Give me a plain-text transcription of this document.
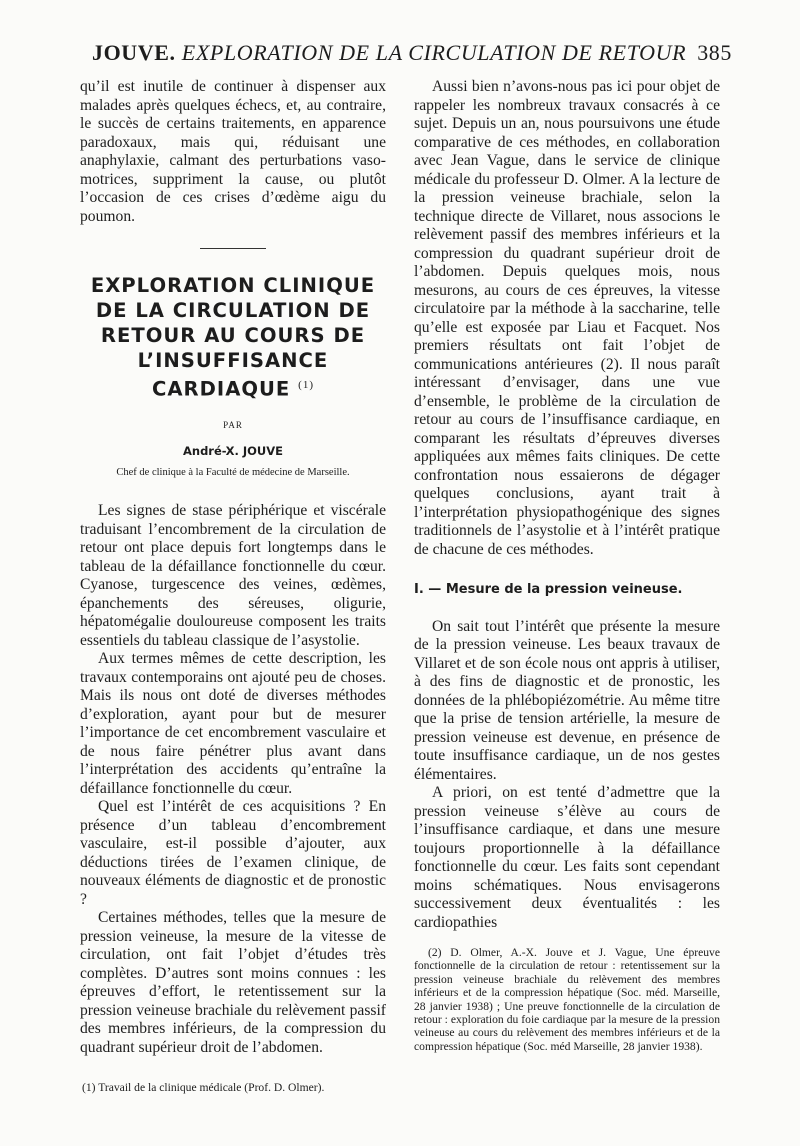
JOUVE. EXPLORATION DE LA CIRCULATION DE RETOUR 385

qu’il est inutile de continuer à dispenser aux malades après quelques échecs, et, au contraire, le succès de certains traitements, en apparence paradoxaux, mais qui, réduisant une anaphylaxie, calmant des perturbations vaso-motrices, suppriment la cause, ou plutôt l’occasion de ces crises d’œdème aigu du poumon.

EXPLORATION CLINIQUE DE LA CIRCULATION DE RETOUR AU COURS DE L’INSUFFISANCE CARDIAQUE $^{(1)}$
PAR
André-X. JOUVE
Chef de clinique à la Faculté de médecine de Marseille.

Les signes de stase périphérique et viscérale traduisant l’encombrement de la circulation de retour ont place depuis fort longtemps dans le tableau de la défaillance fonctionnelle du cœur. Cyanose, turgescence des veines, œdèmes, épanchements des séreuses, oligurie, hépatomégalie douloureuse composent les traits essentiels du tableau classique de l’asystolie.

Aux termes mêmes de cette description, les travaux contemporains ont ajouté peu de choses. Mais ils nous ont doté de diverses méthodes d’exploration, ayant pour but de mesurer l’importance de cet encombrement vasculaire et de nous faire pénétrer plus avant dans l’interprétation des accidents qu’entraîne la défaillance fonctionnelle du cœur.

Quel est l’intérêt de ces acquisitions ? En présence d’un tableau d’encombrement vasculaire, est-il possible d’ajouter, aux déductions tirées de l’examen clinique, de nouveaux éléments de diagnostic et de pronostic ?

Certaines méthodes, telles que la mesure de pression veineuse, la mesure de la vitesse de circulation, ont fait l’objet d’études très complètes. D’autres sont moins connues : les épreuves d’effort, le retentissement sur la pression veineuse brachiale du relèvement passif des membres inférieurs, de la compression du quadrant supérieur droit de l’abdomen.

(1) Travail de la clinique médicale (Prof. D. Olmer).

Aussi bien n’avons-nous pas ici pour objet de rappeler les nombreux travaux consacrés à ce sujet. Depuis un an, nous poursuivons une étude comparative de ces méthodes, en collaboration avec Jean Vague, dans le service de clinique médicale du professeur D. Olmer. A la lecture de la pression veineuse brachiale, selon la technique directe de Villaret, nous associons le relèvement passif des membres inférieurs et la compression du quadrant supérieur droit de l’abdomen. Depuis quelques mois, nous mesurons, au cours de ces épreuves, la vitesse circulatoire par la méthode à la saccharine, telle qu’elle est exposée par Liau et Facquet. Nos premiers résultats ont fait l’objet de communications antérieures (2). Il nous paraît intéressant d’envisager, dans une vue d’ensemble, le problème de la circulation de retour au cours de l’insuffisance cardiaque, en comparant les résultats d’épreuves diverses appliquées aux mêmes faits cliniques. De cette confrontation nous essaierons de dégager quelques conclusions, ayant trait à l’interprétation physiopathogénique des signes traditionnels de l’asystolie et à l’intérêt pratique de chacune de ces méthodes.

I. — Mesure de la pression veineuse.

On sait tout l’intérêt que présente la mesure de la pression veineuse. Les beaux travaux de Villaret et de son école nous ont appris à utiliser, à des fins de diagnostic et de pronostic, les données de la phlébopiézométrie. Au même titre que la prise de tension artérielle, la mesure de pression veineuse est devenue, en présence de toute insuffisance cardiaque, un de nos gestes élémentaires.

A priori, on est tenté d’admettre que la pression veineuse s’élève au cours de l’insuffisance cardiaque, et dans une mesure toujours proportionnelle à la défaillance fonctionnelle du cœur. Les faits sont cependant moins schématiques. Nous envisagerons successivement deux éventualités : les cardiopathies

(2) D. Olmer, A.-X. Jouve et J. Vague, Une épreuve fonctionnelle de la circulation de retour : retentissement sur la pression veineuse brachiale du relèvement des membres inférieurs et de la compression hépatique (Soc. méd. Marseille, 28 janvier 1938) ; Une preuve fonctionnelle de la circulation de retour : exploration du foie cardiaque par la mesure de la pression veineuse au cours du relèvement des membres inférieurs et de la compression hépatique (Soc. méd Marseille, 28 janvier 1938).
